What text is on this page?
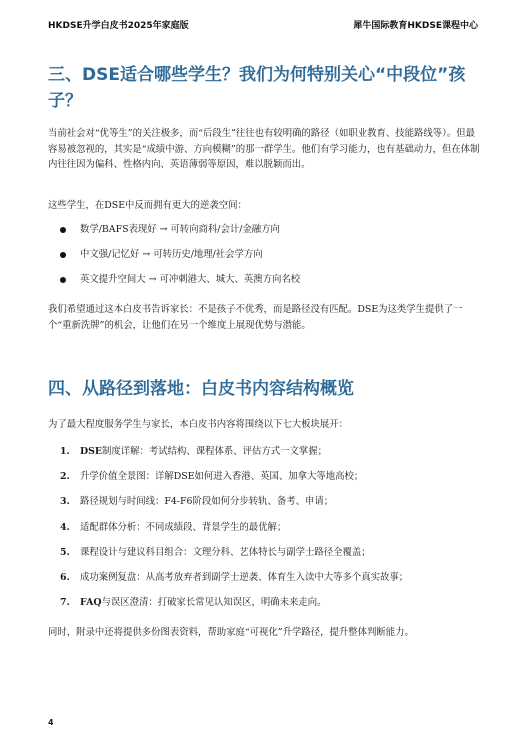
HKDSE升学白皮书2025年家庭版	犀牛国际教育HKDSE课程中心
三、DSE适合哪些学生？我们为何特别关心“中段位”孩子？

当前社会对“优等生”的关注极多，而“后段生”往往也有较明确的路径（如职业教育、技能路线等）。但最容易被忽视的，其实是“成绩中游、方向模糊”的那一群学生。他们有学习能力，也有基础动力，但在体制内往往因为偏科、性格内向、英语薄弱等原因，难以脱颖而出。

这些学生，在DSE中反而拥有更大的逆袭空间：

数学/BAFS表现好 → 可转向商科/会计/金融方向
中文强/记忆好 → 可转历史/地理/社会学方向
英文提升空间大 → 可冲刺港大、城大、英澳方向名校

我们希望通过这本白皮书告诉家长：不是孩子不优秀，而是路径没有匹配。DSE为这类学生提供了一个“重新洗牌”的机会，让他们在另一个维度上展现优势与潜能。

四、从路径到落地：白皮书内容结构概览

为了最大程度服务学生与家长，本白皮书内容将围绕以下七大板块展开：

1. DSE制度详解：考试结构、课程体系、评估方式一文掌握；
2. 升学价值全景图：详解DSE如何进入香港、英国、加拿大等地高校；
3. 路径规划与时间线：F4-F6阶段如何分步转轨、备考、申请；
4. 适配群体分析：不同成绩段、背景学生的最优解；
5. 课程设计与建议科目组合：文理分科、艺体特长与副学士路径全覆盖；
6. 成功案例复盘：从高考放弃者到副学士逆袭、体育生入读中大等多个真实故事；
7. FAQ与误区澄清：打破家长常见认知误区，明确未来走向。

同时，附录中还将提供多份图表资料，帮助家庭“可视化”升学路径，提升整体判断能力。

4
